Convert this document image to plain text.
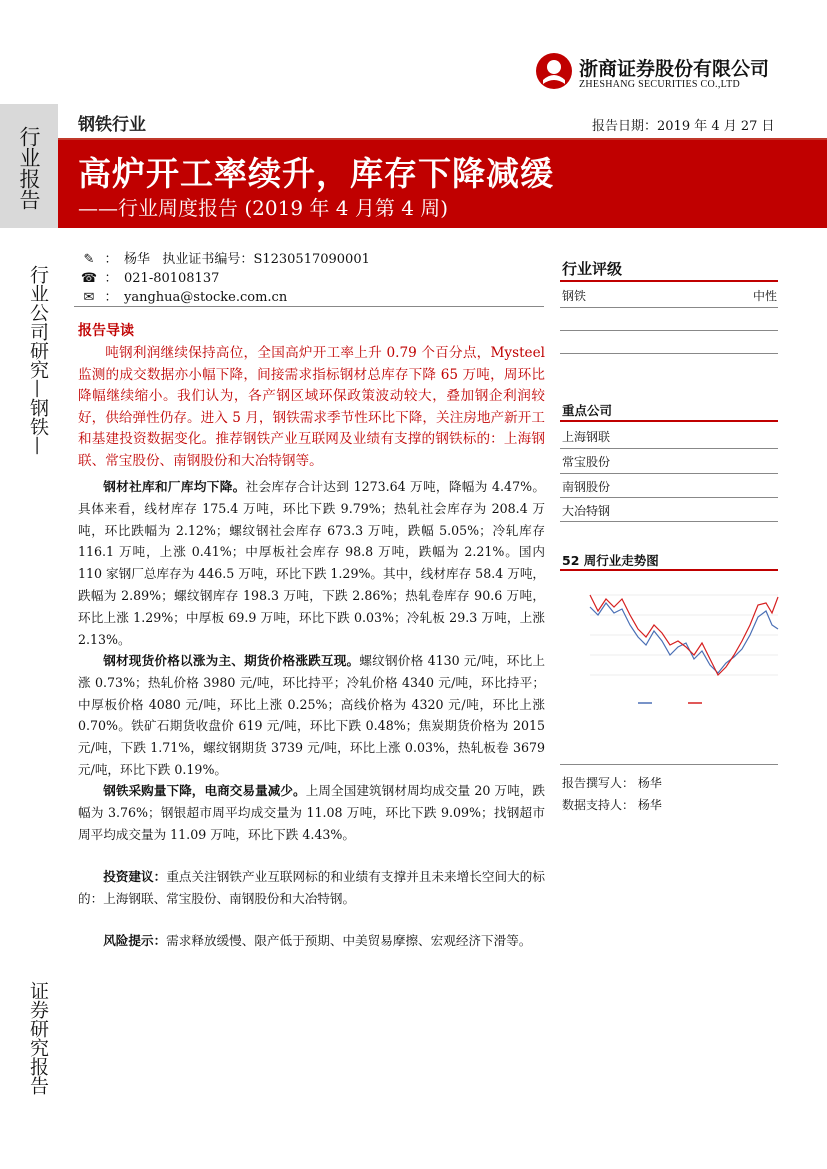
浙商证券股份有限公司
ZHESHANG SECURITIES CO.,LTD
行业报告
钢铁行业	报告日期：2019 年 4 月 27 日
高炉开工率续升，库存下降减缓
——行业周度报告 (2019 年 4 月第 4 周)
行业公司研究—钢铁—
证券研究报告
✎ ： 杨华 执业证书编号：S1230517090001
☎ ： 021-80108137
✉ ： yanghua@stocke.com.cn
报告导读
吨钢利润继续保持高位，全国高炉开工率上升 0.79 个百分点，Mysteel 监测的成交数据亦小幅下降，间接需求指标钢材总库存下降 65 万吨，周环比降幅继续缩小。我们认为，各产钢区域环保政策波动较大，叠加钢企利润较好，供给弹性仍存。进入 5 月，钢铁需求季节性环比下降，关注房地产新开工和基建投资数据变化。推荐钢铁产业互联网及业绩有支撑的钢铁标的：上海钢联、常宝股份、南钢股份和大冶特钢等。
钢材社库和厂库均下降。社会库存合计达到 1273.64 万吨，降幅为 4.47%。具体来看，线材库存 175.4 万吨，环比下跌 9.79%；热轧社会库存为 208.4 万吨，环比跌幅为 2.12%；螺纹钢社会库存 673.3 万吨，跌幅 5.05%；冷轧库存 116.1 万吨，上涨 0.41%；中厚板社会库存 98.8 万吨，跌幅为 2.21%。国内 110 家钢厂总库存为 446.5 万吨，环比下跌 1.29%。其中，线材库存 58.4 万吨，跌幅为 2.89%；螺纹钢库存 198.3 万吨，下跌 2.86%；热轧卷库存 90.6 万吨，环比上涨 1.29%；中厚板 69.9 万吨，环比下跌 0.03%；冷轧板 29.3 万吨，上涨 2.13%。
钢材现货价格以涨为主、期货价格涨跌互现。螺纹钢价格 4130 元/吨，环比上涨 0.73%；热轧价格 3980 元/吨，环比持平；冷轧价格 4340 元/吨，环比持平；中厚板价格 4080 元/吨，环比上涨 0.25%；高线价格为 4320 元/吨，环比上涨 0.70%。铁矿石期货收盘价 619 元/吨，环比下跌 0.48%；焦炭期货价格为 2015 元/吨，下跌 1.71%，螺纹钢期货 3739 元/吨，环比上涨 0.03%，热轧板卷 3679 元/吨，环比下跌 0.19%。
钢铁采购量下降，电商交易量减少。上周全国建筑钢材周均成交量 20 万吨，跌幅为 3.76%；钢银超市周平均成交量为 11.08 万吨，环比下跌 9.09%；找钢超市周平均成交量为 11.09 万吨，环比下跌 4.43%。
投资建议：重点关注钢铁产业互联网标的和业绩有支撑并且未来增长空间大的标的：上海钢联、常宝股份、南钢股份和大冶特钢。
风险提示：需求释放缓慢、限产低于预期、中美贸易摩擦、宏观经济下滑等。
行业评级
钢铁	中性
重点公司
上海钢联
常宝股份
南钢股份
大冶特钢
52 周行业走势图
报告撰写人： 杨华
数据支持人： 杨华
